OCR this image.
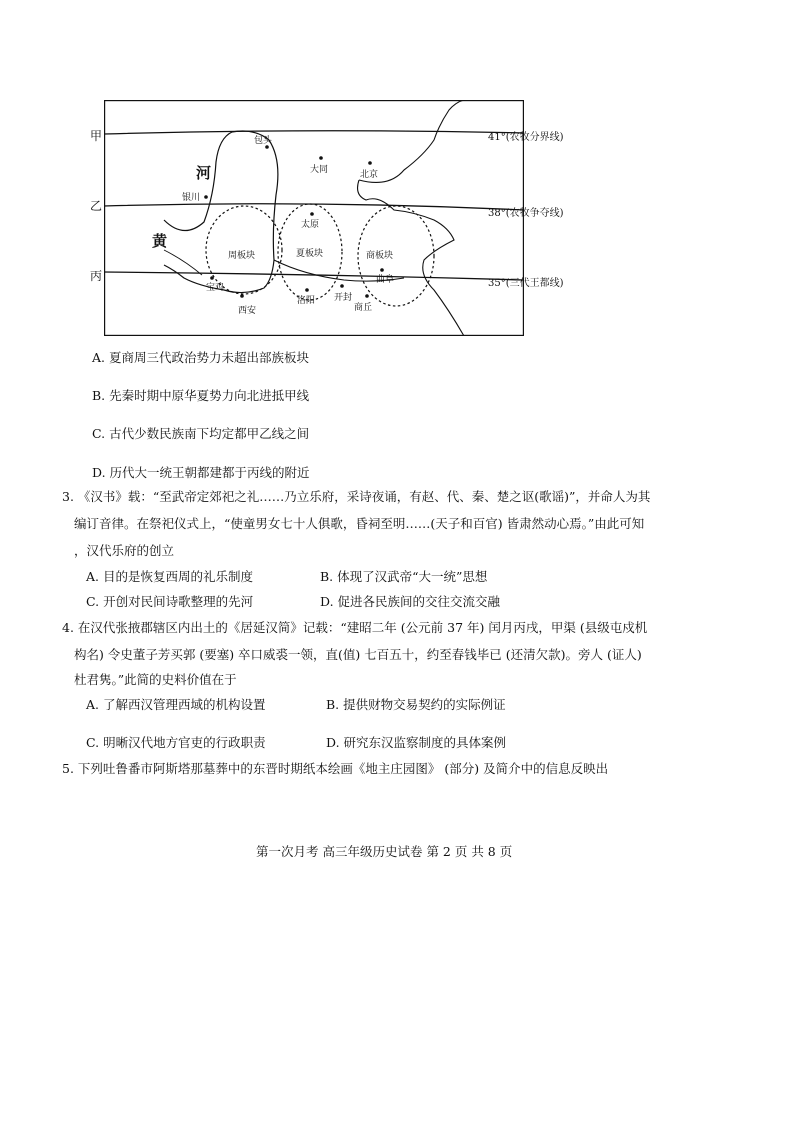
甲
乙
丙
河
黄
包头
大同	北京
银川
太原
宝鸡
西安
洛阳 开封
商丘
曲阜
周板块	夏板块	商板块
41°(农牧分界线)
38°(农牧争夺线)
35°(三代王都线)
A. 夏商周三代政治势力未超出部族板块
B. 先秦时期中原华夏势力向北进抵甲线
C. 古代少数民族南下均定都甲乙线之间
D. 历代大一统王朝都建都于丙线的附近
3. 《汉书》载：“至武帝定郊祀之礼……乃立乐府，采诗夜诵，有赵、代、秦、楚之讴(歌谣)”，并命人为其
编订音律。在祭祀仪式上，“使童男女七十人俱歌，昏祠至明……(天子和百官) 皆肃然动心焉。”由此可知
，汉代乐府的创立
A. 目的是恢复西周的礼乐制度	B. 体现了汉武帝“大一统”思想
C. 开创对民间诗歌整理的先河	D. 促进各民族间的交往交流交融
4. 在汉代张掖郡辖区内出土的《居延汉简》记载：“建昭二年 (公元前 37 年) 闰月丙戌，甲渠 (县级屯戍机
构名) 令史董子芳买郭 (要塞) 卒口威裘一领，直(值) 七百五十，约至春钱毕已 (还清欠款)。旁人 (证人)
杜君隽。”此简的史料价值在于
A. 了解西汉管理西域的机构设置	B. 提供财物交易契约的实际例证
C. 明晰汉代地方官吏的行政职责	D. 研究东汉监察制度的具体案例
5. 下列吐鲁番市阿斯塔那墓葬中的东晋时期纸本绘画《地主庄园图》 (部分) 及简介中的信息反映出
第一次月考 高三年级历史试卷 第 2 页 共 8 页
